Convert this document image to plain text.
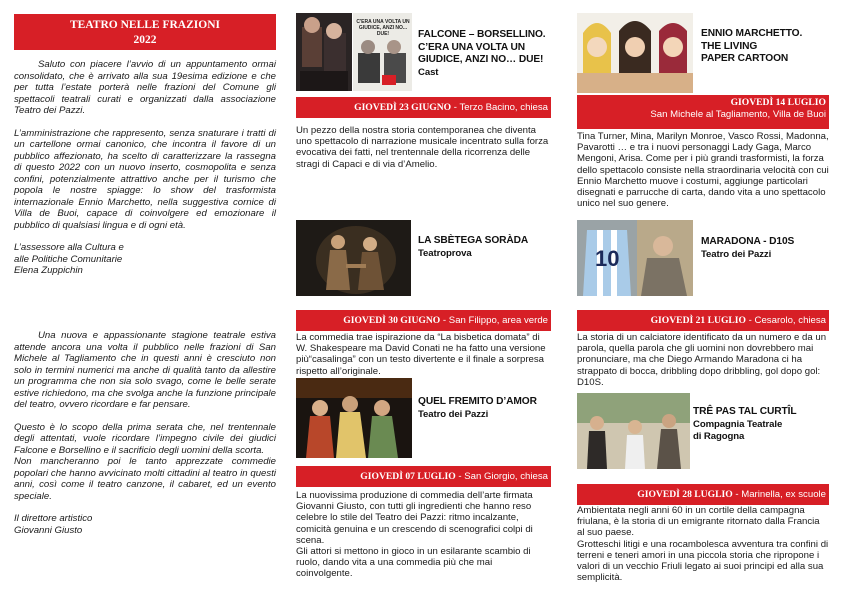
TEATRO NELLE FRAZIONI
2022

Saluto con piacere l’avvio di un appuntamento ormai consolidato, che è arrivato alla sua 19esima edizione e che per tutta l’estate porterà nelle frazioni del Comune gli spettacoli teatrali curati e organizzati dalla associazione Teatro dei Pazzi.

L’amministrazione che rappresento, senza snaturare i tratti di un cartellone ormai canonico, che incontra il favore di un pubblico affezionato, ha scelto di caratterizzare la rassegna di questo 2022 con un nuovo inserto, cosmopolita e senza confini, potenzialmente attrattivo anche per il turismo che popola le nostre spiagge: lo show del trasformista internazionale Ennio Marchetto, nella suggestiva cornice di Villa de Buoi, capace di coinvolgere ed emozionare il pubblico di qualsiasi lingua e di ogni età.

L’assessore alla Cultura e
alle Politiche Comunitarie
Elena Zuppichin

Una nuova e appassionante stagione teatrale estiva attende ancora una volta il pubblico nelle frazioni di San Michele al Tagliamento che in questi anni è cresciuto non solo in termini numerici ma anche di qualità tanto da allestire un programma che non sia solo svago, come le belle serate estive richiedono, ma che svolga anche la funzione principale del teatro, ovvero ricordare e far pensare.

Questo è lo scopo della prima serata che, nel trentennale degli attentati, vuole ricordare l’impegno civile dei giudici Falcone e Borsellino e il sacrificio degli uomini della scorta.

Non mancheranno poi le tanto apprezzate commedie popolari che hanno avvicinato molti cittadini al teatro in questi anni, così come il teatro canzone, il cabaret, ed un evento speciale.

Il direttore artistico
Giovanni Giusto

C'ERA UNA VOLTA UN GIUDICE, ANZI NO... DUE!	FALCONE – BORSELLINO.
C’ERA UNA VOLTA UN
GIUDICE, ANZI NO… DUE!
Cast
GIOVEDÌ 23 GIUGNO - Terzo Bacino, chiesa
Un pezzo della nostra storia contemporanea che diventa uno spettacolo di narrazione musicale incentrato sulla forza evocativa dei fatti, nel trentennale della ricorrenza delle stragi di Capaci e di via d’Amelio.
LA SBÈTEGA SORÀDA
Teatroprova
GIOVEDÌ 30 GIUGNO - San Filippo, area verde
La commedia trae ispirazione da “La bisbetica domata” di W. Shakespeare ma David Conati ne ha fatto una versione più“casalinga” con un testo divertente e il finale a sorpresa rispetto all’originale.
QUEL FREMITO D’AMOR
Teatro dei Pazzi
GIOVEDÌ 07 LUGLIO - San Giorgio, chiesa
La nuovissima produzione di commedia dell’arte firmata Giovanni Giusto, con tutti gli ingredienti che hanno reso celebre lo stile del Teatro dei Pazzi: ritmo incalzante, comicità genuina e un crescendo di scenografici colpi di scena.
Gli attori si mettono in gioco in un esilarante scambio di ruolo, dando vita a una commedia più che mai coinvolgente.
ENNIO MARCHETTO.
THE LIVING
PAPER CARTOON
GIOVEDÌ 14 LUGLIO
San Michele al Tagliamento, Villa de Buoi
Tina Turner, Mina, Marilyn Monroe, Vasco Rossi, Madonna, Pavarotti … e tra i nuovi personaggi Lady Gaga, Marco Mengoni, Arisa. Come per i più grandi trasformisti, la forza dello spettacolo consiste nella straordinaria velocità con cui Ennio Marchetto muove i costumi, aggiunge particolari disegnati e parrucche di carta, dando vita a uno spettacolo unico nel suo genere.
10
MARADONA - D10S
Teatro dei Pazzi
GIOVEDÌ 21 LUGLIO - Cesarolo, chiesa
La storia di un calciatore identificato da un numero e da un parola, quella parola che gli uomini non dovrebbero mai pronunciare, ma che Diego Armando Maradona ci ha strappato di bocca, dribbling dopo dribbling, gol dopo gol: D10S.
TRÊ PAS TAL CURTÎL
Compagnia Teatrale
di Ragogna
GIOVEDÌ 28 LUGLIO - Marinella, ex scuole
Ambientata negli anni 60 in un cortile della campagna friulana, è la storia di un emigrante ritornato dalla Francia al suo paese.
Grotteschi litigi e una rocambolesca avventura tra confini di terreni e teneri amori in una piccola storia che ripropone i valori di un vecchio Friuli legato ai suoi principi ed alla sua semplicità.
